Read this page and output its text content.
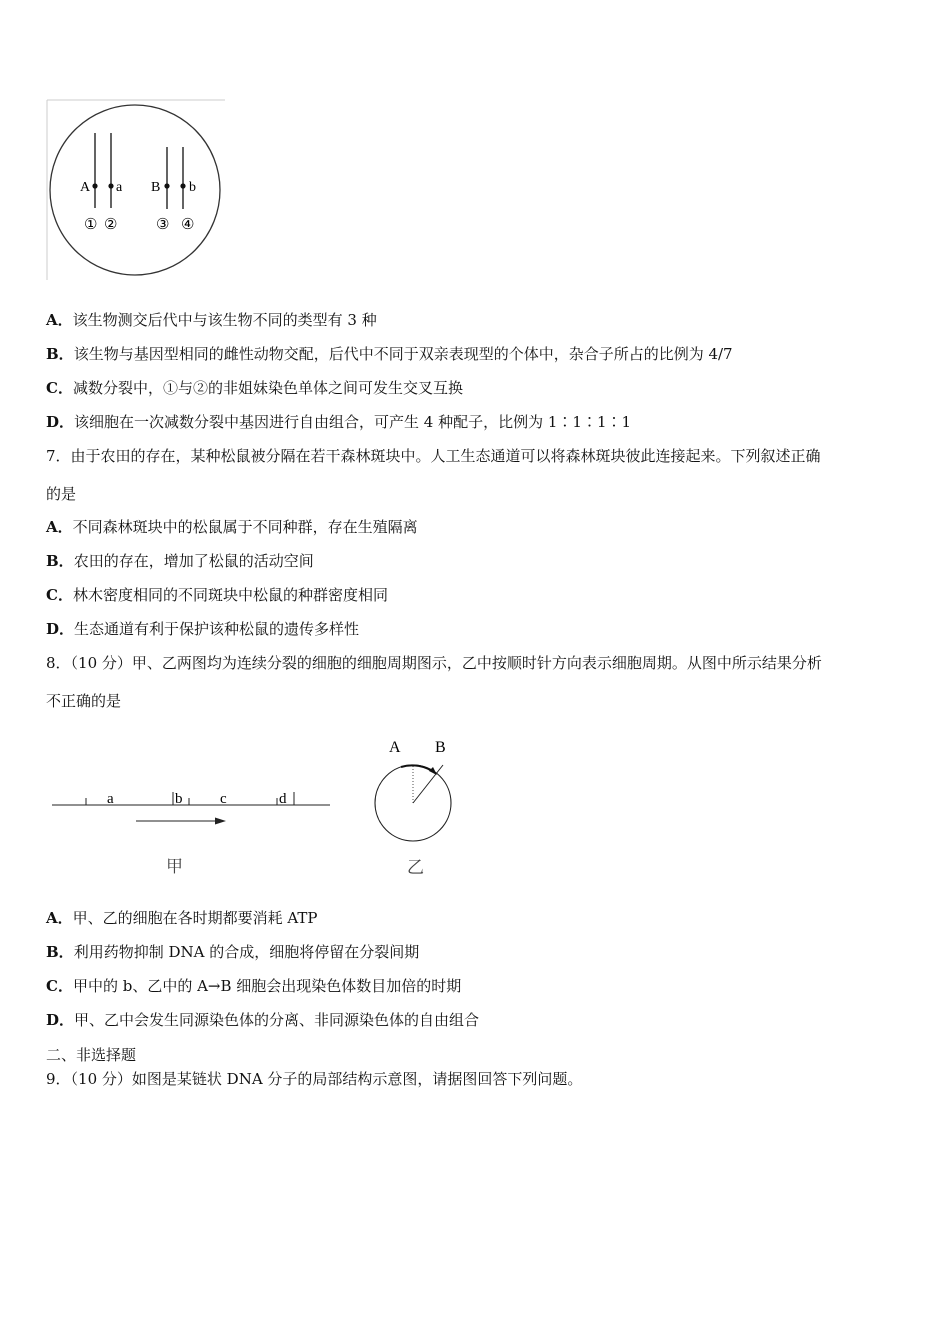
A a B b
① ②	③ ④
A．该生物测交后代中与该生物不同的类型有 3 种
B．该生物与基因型相同的雌性动物交配，后代中不同于双亲表现型的个体中，杂合子所占的比例为 4/7
C．减数分裂中，①与②的非姐妹染色单体之间可发生交叉互换
D．该细胞在一次减数分裂中基因进行自由组合，可产生 4 种配子，比例为 1∶1∶1∶1
7．由于农田的存在，某种松鼠被分隔在若干森林斑块中。人工生态通道可以将森林斑块彼此连接起来。下列叙述正确
的是
A．不同森林斑块中的松鼠属于不同种群，存在生殖隔离
B．农田的存在，增加了松鼠的活动空间
C．林木密度相同的不同斑块中松鼠的种群密度相同
D．生态通道有利于保护该种松鼠的遗传多样性
8．（10 分）甲、乙两图均为连续分裂的细胞的细胞周期图示，乙中按顺时针方向表示细胞周期。从图中所示结果分析
不正确的是
a	b	c	d
甲
A B
乙
A．甲、乙的细胞在各时期都要消耗 ATP
B．利用药物抑制 DNA 的合成，细胞将停留在分裂间期
C．甲中的 b、乙中的 A→B 细胞会出现染色体数目加倍的时期
D．甲、乙中会发生同源染色体的分离、非同源染色体的自由组合
二、非选择题
9．（10 分）如图是某链状 DNA 分子的局部结构示意图，请据图回答下列问题。
